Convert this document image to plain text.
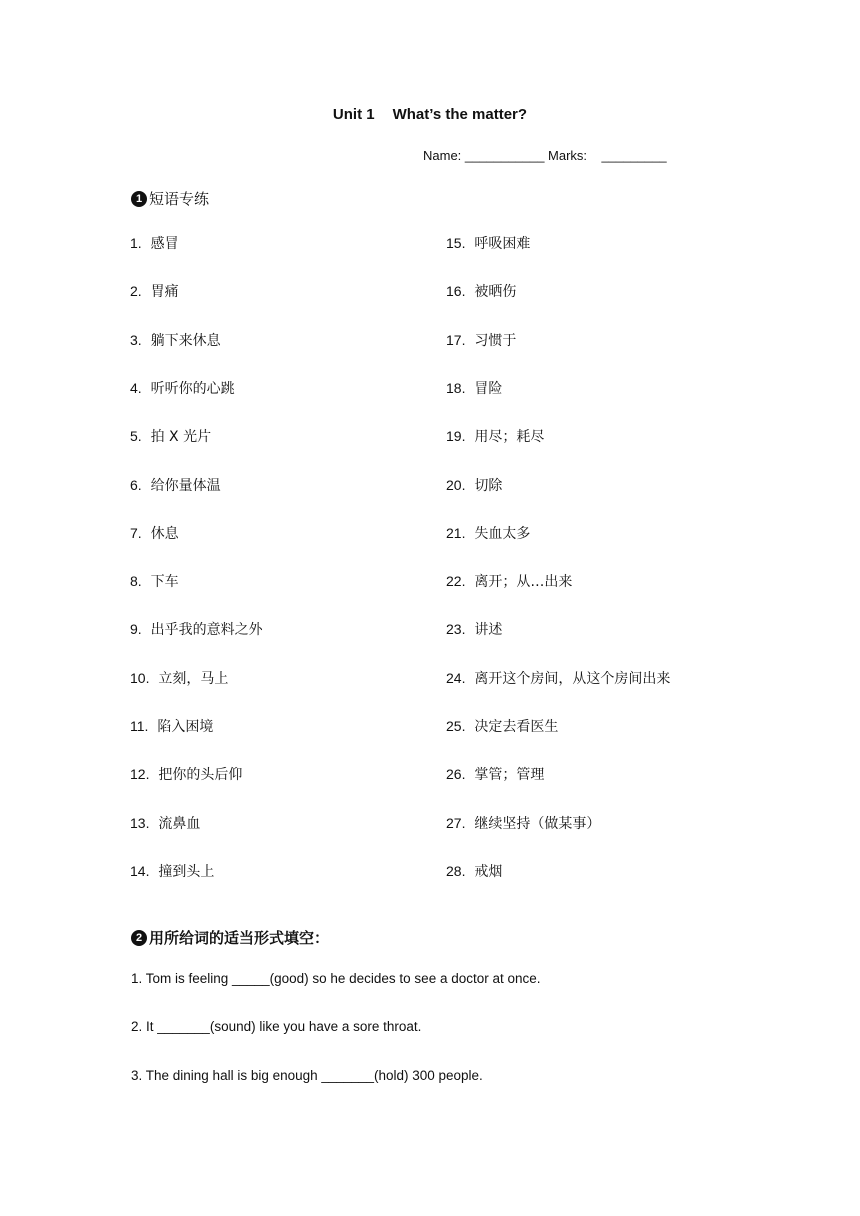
Unit 1 What’s the matter?
Name: ___________ Marks:    _________
1 短语专练
1. 感冒
2. 胃痛
3. 躺下来休息
4. 听听你的心跳
5. 拍 X 光片
6. 给你量体温
7. 休息
8. 下车
9. 出乎我的意料之外
10. 立刻，马上
11. 陷入困境
12. 把你的头后仰
13. 流鼻血
14. 撞到头上
15. 呼吸困难
16. 被晒伤
17. 习惯于
18. 冒险
19. 用尽；耗尽
20. 切除
21. 失血太多
22. 离开；从…出来
23. 讲述
24. 离开这个房间，从这个房间出来
25. 决定去看医生
26. 掌管；管理
27. 继续坚持（做某事）
28. 戒烟
2 用所给词的适当形式填空：
1. Tom is feeling _____(good) so he decides to see a doctor at once.
2. It _______(sound) like you have a sore throat.
3. The dining hall is big enough _______(hold) 300 people.
